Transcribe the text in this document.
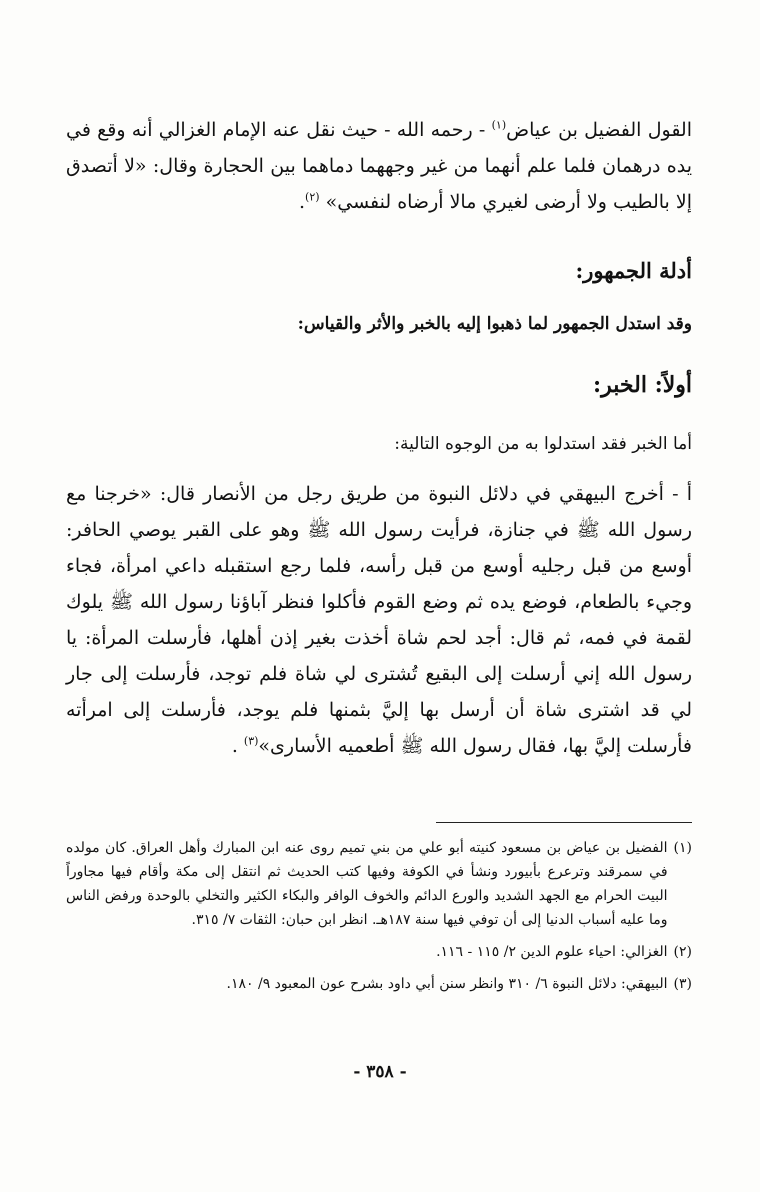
القول الفضيل بن عياض$^{(١)}$ - رحمه الله - حيث نقل عنه الإمام الغزالي أنه وقع في يده درهمان فلما علم أنهما من غير وجههما دماهما بين الحجارة وقال: «لا أتصدق إلا بالطيب ولا أرضى لغيري مالا أرضاه لنفسي» $^{(٢)}$.

أدلة الجمهور:

وقد استدل الجمهور لما ذهبوا إليه بالخبر والأثر والقياس:

أولاً: الخبر:

أما الخبر فقد استدلوا به من الوجوه التالية:

أ - أخرج البيهقي في دلائل النبوة من طريق رجل من الأنصار قال: «خرجنا مع رسول الله ﷺ في جنازة، فرأيت رسول الله ﷺ وهو على القبر يوصي الحافر: أوسع من قبل رجليه أوسع من قبل رأسه، فلما رجع استقبله داعي امرأة، فجاء وجيء بالطعام، فوضع يده ثم وضع القوم فأكلوا فنظر آباؤنا رسول الله ﷺ يلوك لقمة في فمه، ثم قال: أجد لحم شاة أخذت بغير إذن أهلها، فأرسلت المرأة: يا رسول الله إني أرسلت إلى البقيع تُشترى لي شاة فلم توجد، فأرسلت إلى جار لي قد اشترى شاة أن أرسل بها إليَّ بثمنها فلم يوجد، فأرسلت إلى امرأته فأرسلت إليَّ بها، فقال رسول الله ﷺ أطعميه الأسارى»$^{(٣)}$ .

(١)
الفضيل بن عياض بن مسعود كنيته أبو علي من بني تميم روى عنه ابن المبارك وأهل العراق. كان مولده في سمرقند وترعرع بأبيورد ونشأ في الكوفة وفيها كتب الحديث ثم انتقل إلى مكة وأقام فيها مجاوراً البيت الحرام مع الجهد الشديد والورع الدائم والخوف الوافر والبكاء الكثير والتخلي بالوحدة ورفض الناس وما عليه أسباب الدنيا إلى أن توفي فيها سنة ١٨٧هـ. انظر ابن حبان: الثقات ٧/ ٣١٥.

(٢)
الغزالي: احياء علوم الدين ٢/ ١١٥ - ١١٦.

(٣)
البيهقي: دلائل النبوة ٦/ ٣١٠ وانظر سنن أبي داود بشرح عون المعبود ٩/ ١٨٠.

- ٣٥٨ -
